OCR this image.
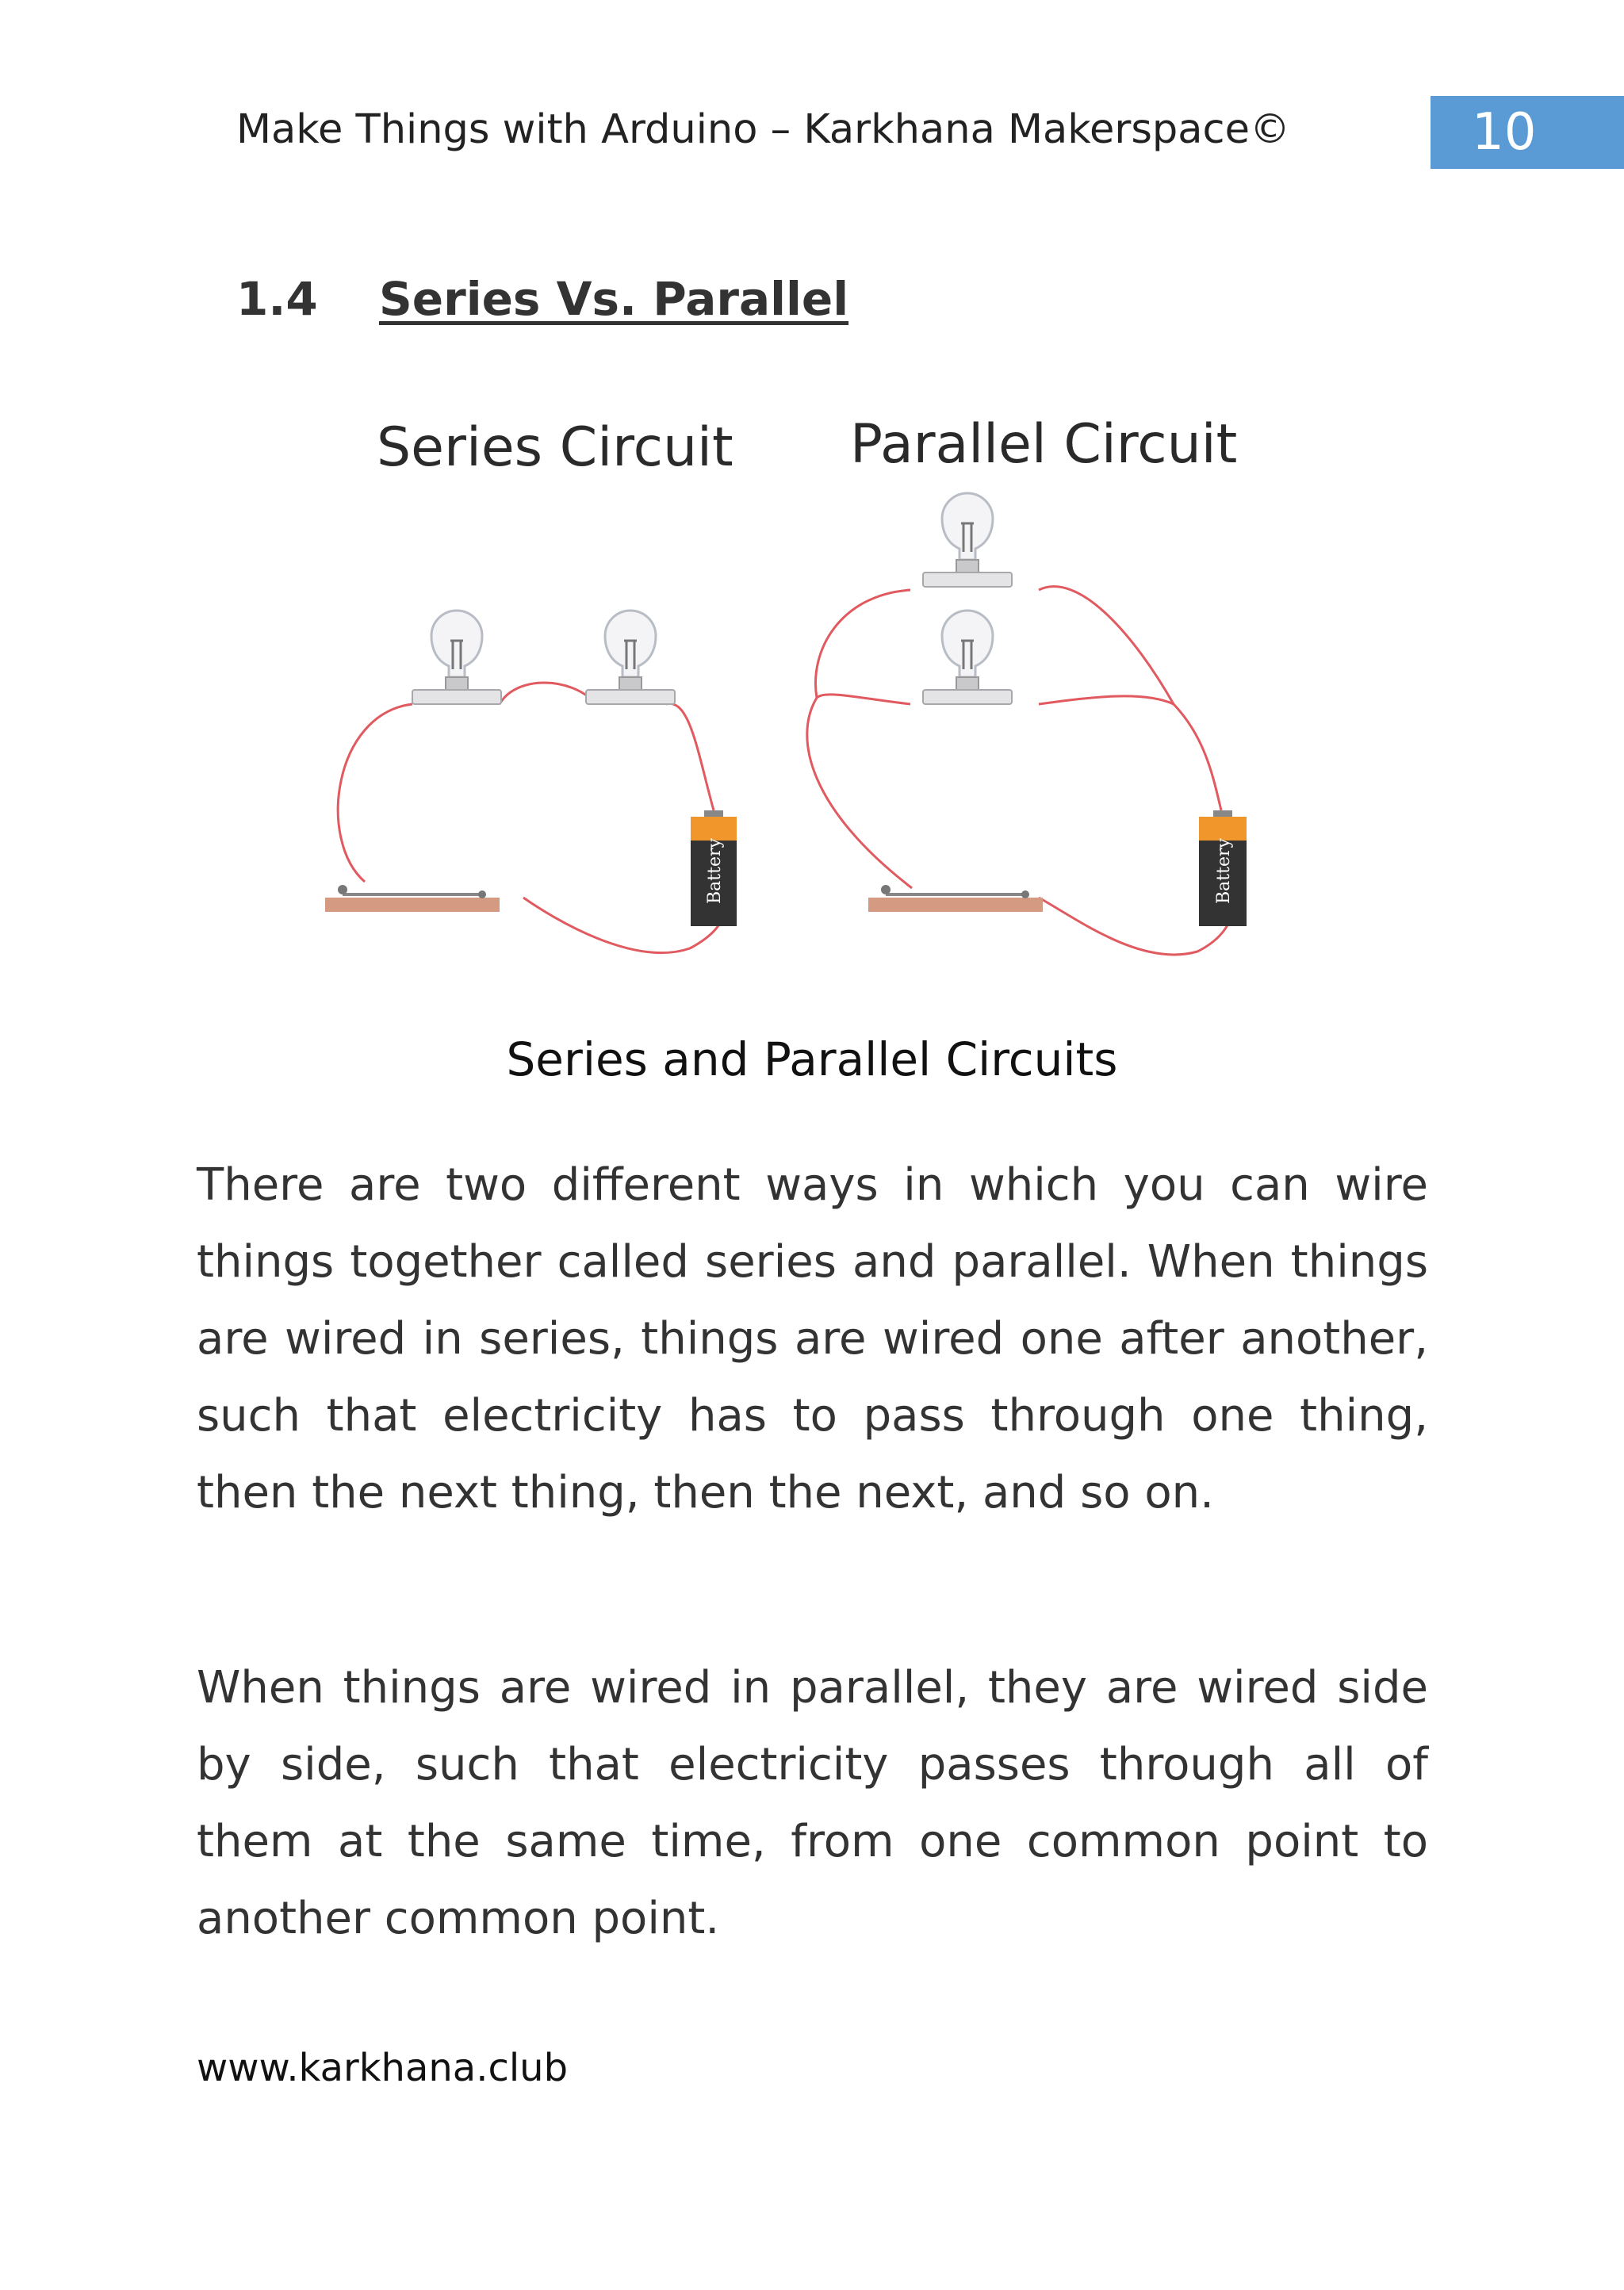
Make Things with Arduino – Karkhana Makerspace©	10
1.4 Series Vs. Parallel
Series Circuit
Battery
Parallel Circuit
Battery
Series and Parallel Circuits

There are two different ways in which you can wire things together called series and parallel. When things are wired in series, things are wired one after another, such that electricity has to pass through one thing, then the next thing, then the next, and so on.

When things are wired in parallel, they are wired side by side, such that electricity passes through all of them at the same time, from one common point to another common point.

www.karkhana.club
